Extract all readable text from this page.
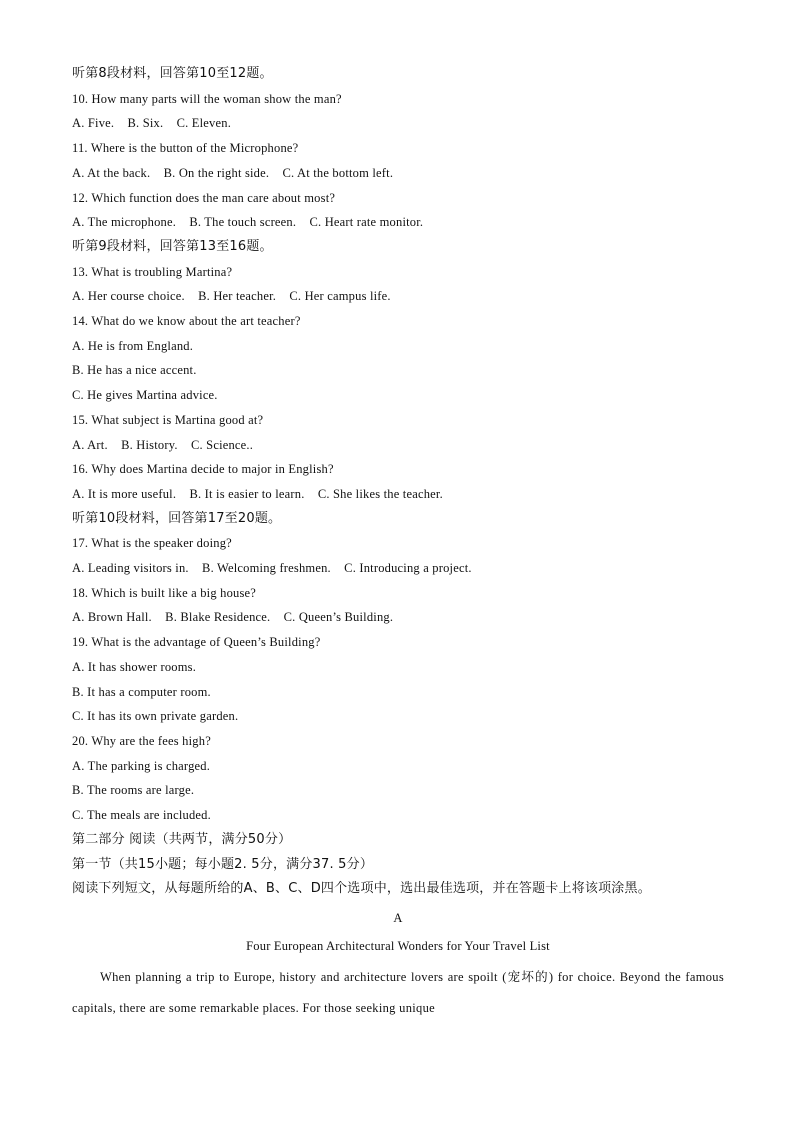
听第8段材料，回答第10至12题。
10. How many parts will the woman show the man?
A. Five.    B. Six.    C. Eleven.
11. Where is the button of the Microphone?
A. At the back.    B. On the right side.    C. At the bottom left.
12. Which function does the man care about most?
A. The microphone.    B. The touch screen.    C. Heart rate monitor.
听第9段材料，回答第13至16题。
13. What is troubling Martina?
A. Her course choice.    B. Her teacher.    C. Her campus life.
14. What do we know about the art teacher?
A. He is from England.
B. He has a nice accent.
C. He gives Martina advice.
15. What subject is Martina good at?
A. Art.    B. History.    C. Science..
16. Why does Martina decide to major in English?
A. It is more useful.    B. It is easier to learn.    C. She likes the teacher.
听第10段材料，回答第17至20题。
17. What is the speaker doing?
A. Leading visitors in.    B. Welcoming freshmen.    C. Introducing a project.
18. Which is built like a big house?
A. Brown Hall.    B. Blake Residence.    C. Queen’s Building.
19. What is the advantage of Queen’s Building?
A. It has shower rooms.
B. It has a computer room.
C. It has its own private garden.
20. Why are the fees high?
A. The parking is charged.
B. The rooms are large.
C. The meals are included.
第二部分 阅读（共两节，满分50分）
第一节（共15小题；每小题2. 5分，满分37. 5分）
阅读下列短文，从每题所给的A、B、C、D四个选项中，选出最佳选项，并在答题卡上将该项涂黑。
A
Four European Architectural Wonders for Your Travel List
When planning a trip to Europe, history and architecture lovers are spoilt (宠坏的) for choice. Beyond the famous capitals, there are some remarkable places. For those seeking unique
